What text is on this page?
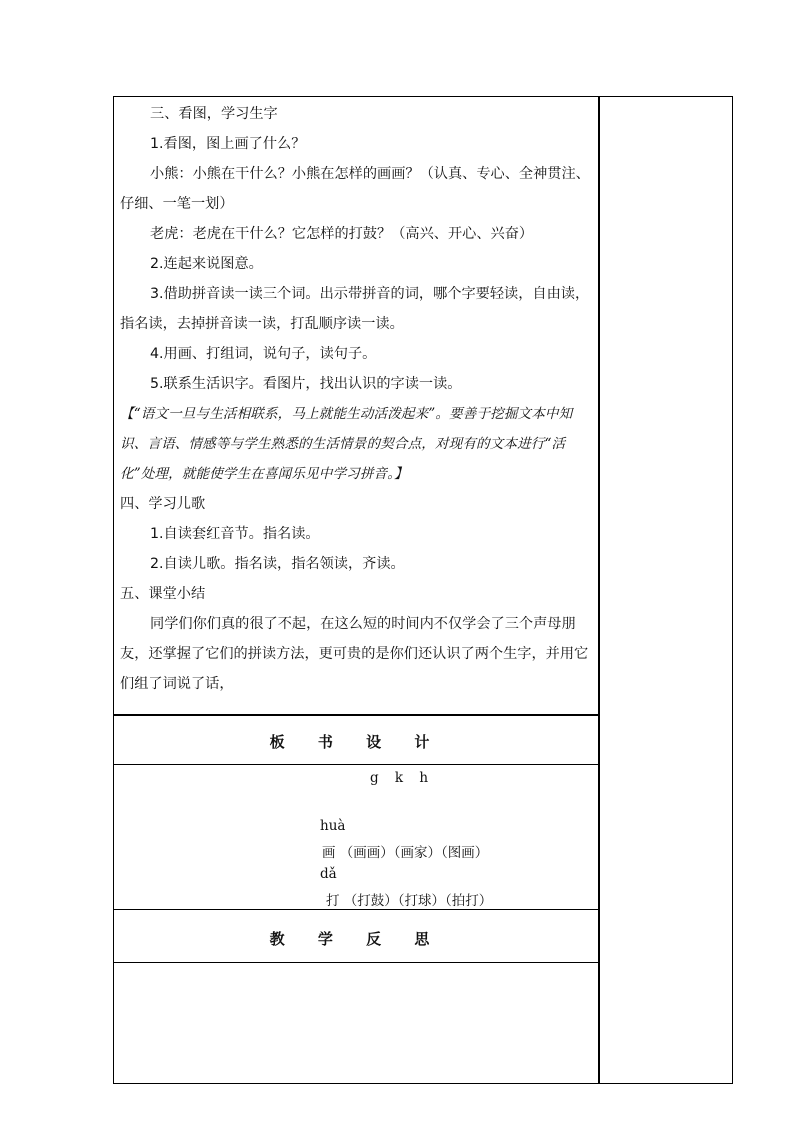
三、看图，学习生字

1.看图，图上画了什么？

小熊：小熊在干什么？小熊在怎样的画画？（认真、专心、全神贯注、仔细、一笔一划）

老虎：老虎在干什么？它怎样的打鼓？（高兴、开心、兴奋）

2.连起来说图意。

3.借助拼音读一读三个词。出示带拼音的词，哪个字要轻读，自由读，指名读，去掉拼音读一读，打乱顺序读一读。

4.用画、打组词，说句子，读句子。

5.联系生活识字。看图片，找出认识的字读一读。

【“语文一旦与生活相联系，马上就能生动活泼起来”。要善于挖掘文本中知识、言语、情感等与学生熟悉的生活情景的契合点，对现有的文本进行“活化”处理，就能使学生在喜闻乐见中学习拼音。】

四、学习儿歌

1.自读套红音节。指名读。

2.自读儿歌。指名读，指名领读，齐读。

五、课堂小结

同学们你们真的很了不起，在这么短的时间内不仅学会了三个声母朋友，还掌握了它们的拼读方法，更可贵的是你们还认识了两个生字，并用它们组了词说了话，

板 书 设 计
g k h
huà
画 （画画）（画家）（图画）
dǎ
打 （打鼓）（打球）（拍打）
教 学 反 思
